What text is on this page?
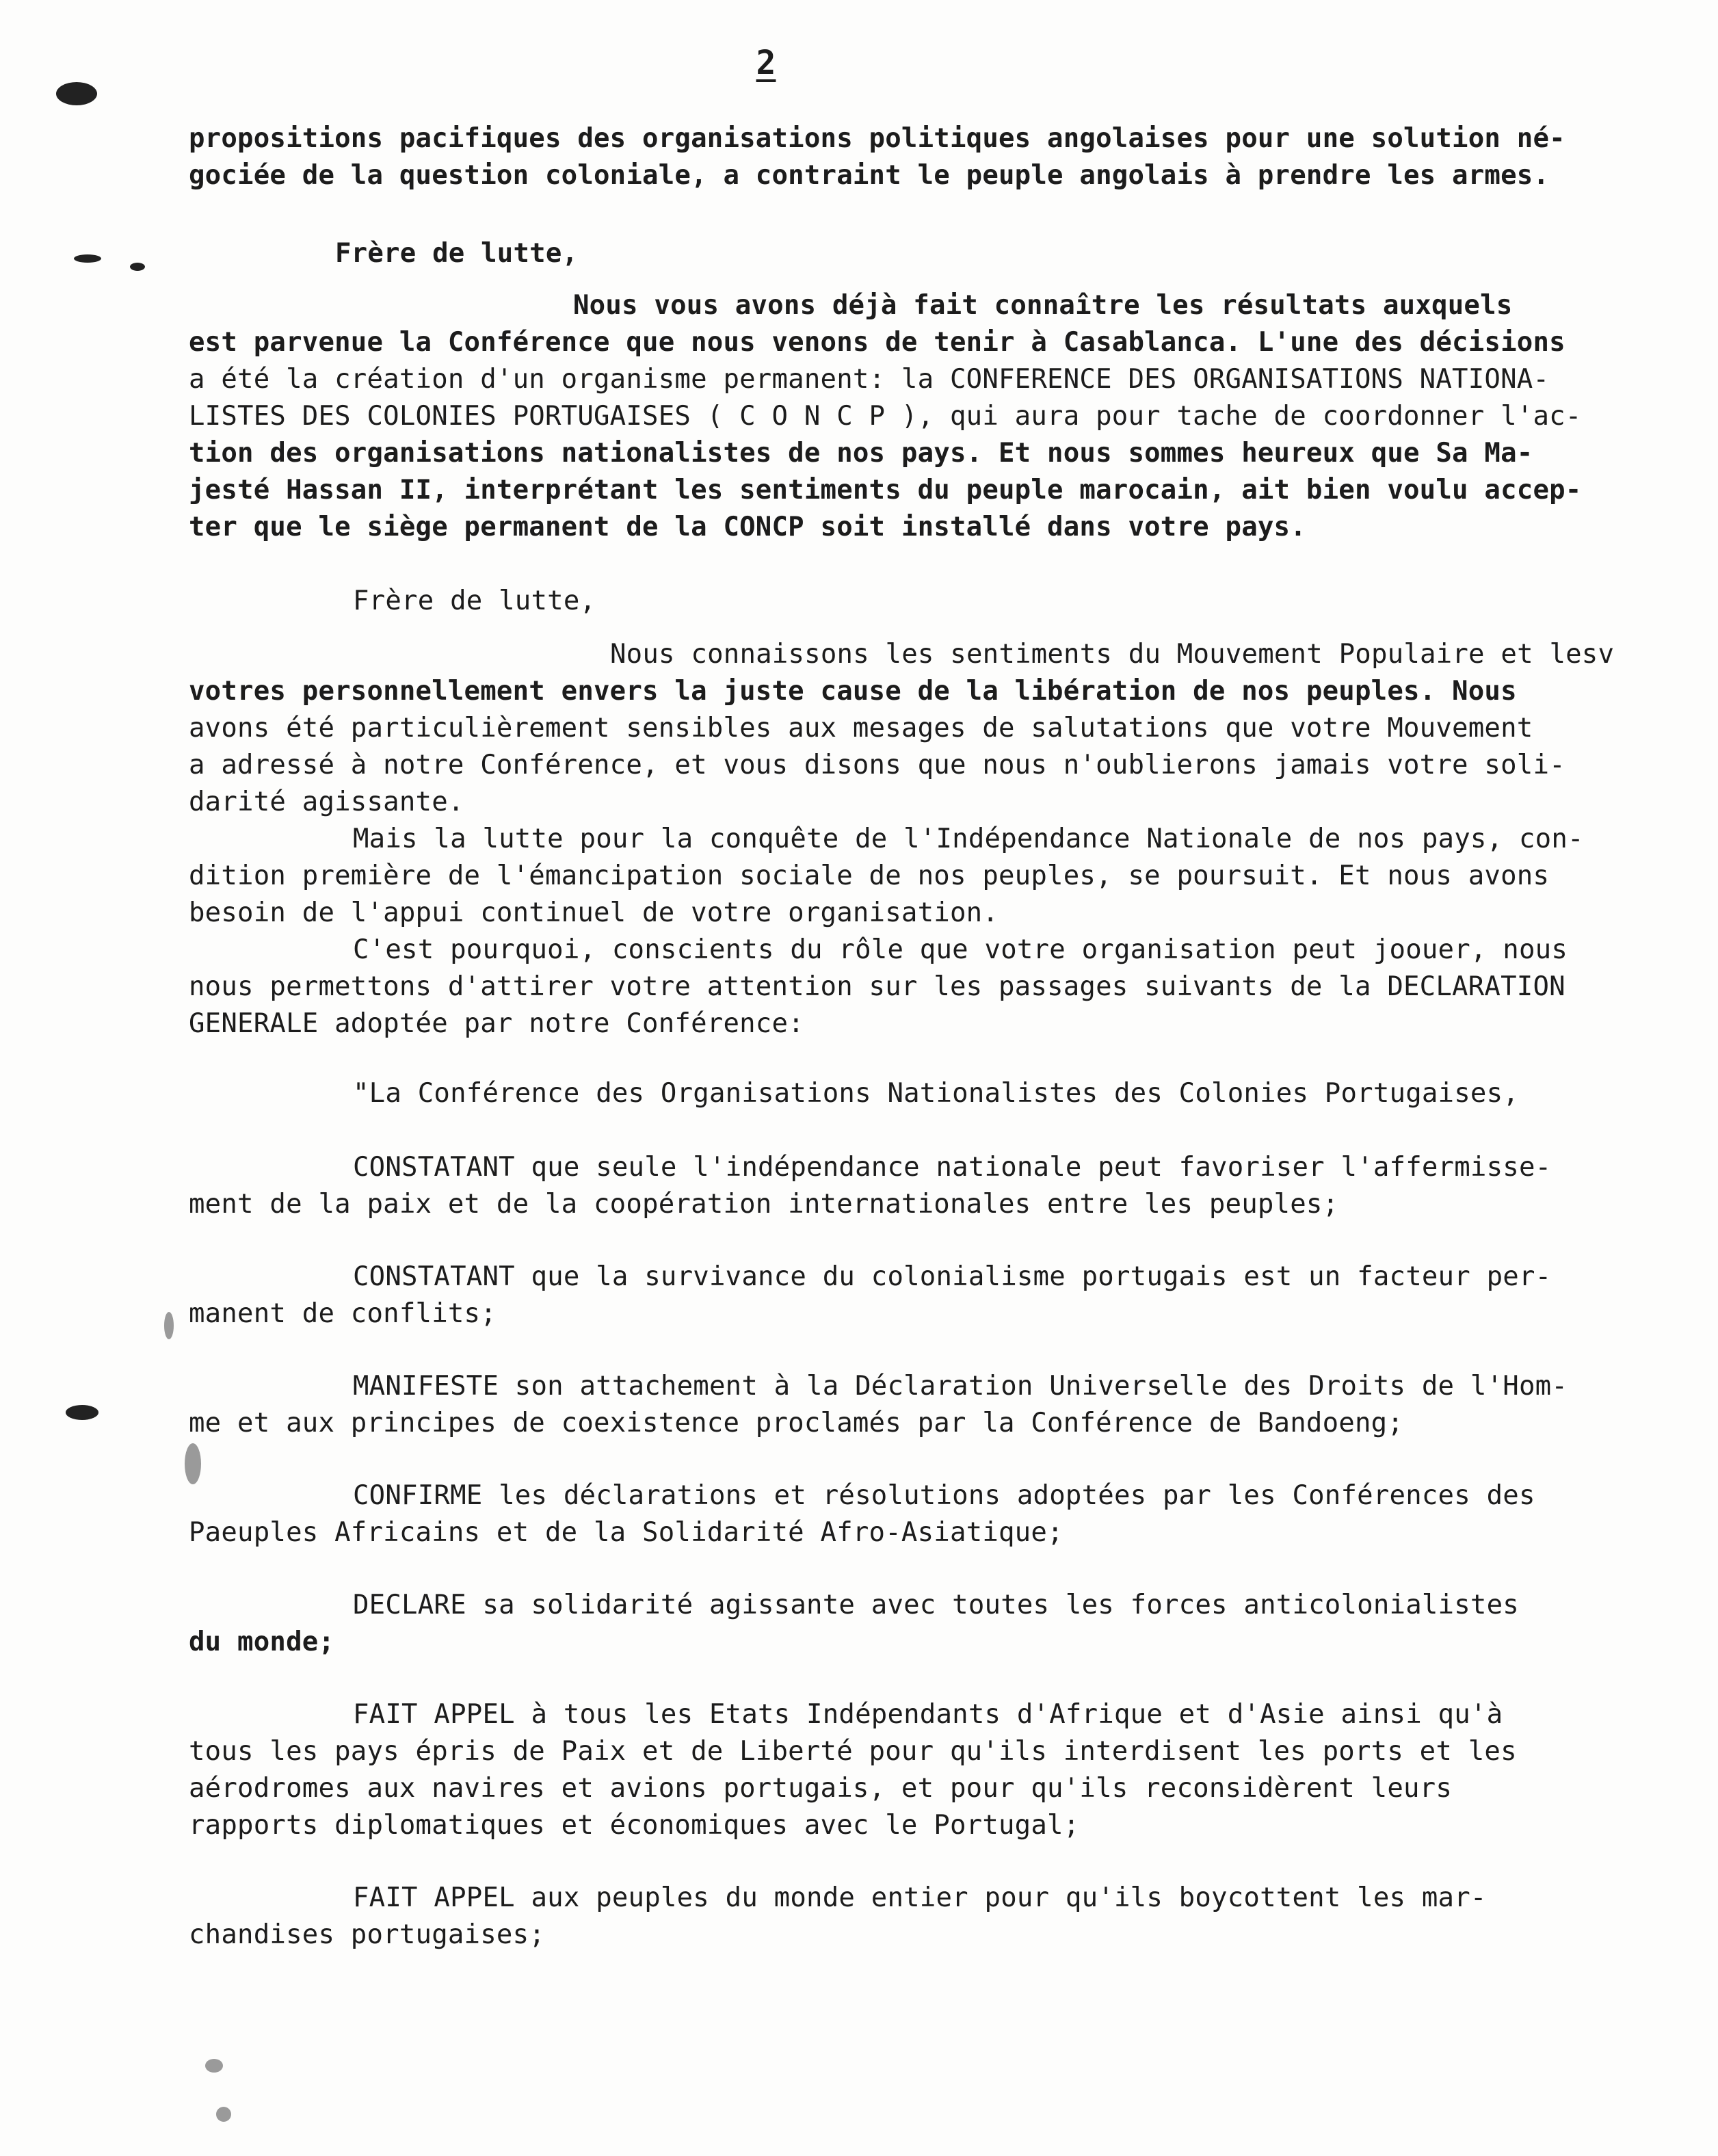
2
propositions pacifiques des organisations politiques angolaises pour une solution né-
gociée de la question coloniale, a contraint le peuple angolais à prendre les armes.
Frère de lutte,
Nous vous avons déjà fait connaître les résultats auxquels
est parvenue la Conférence que nous venons de tenir à Casablanca. L'une des décisions
a été la création d'un organisme permanent: la CONFERENCE DES ORGANISATIONS NATIONA-
LISTES DES COLONIES PORTUGAISES ( C O N C P ), qui aura pour tache de coordonner l'ac-
tion des organisations nationalistes de nos pays. Et nous sommes heureux que Sa Ma-
jesté Hassan II, interprétant les sentiments du peuple marocain, ait bien voulu accep-
ter que le siège permanent de la CONCP soit installé dans votre pays.
Frère de lutte,
Nous connaissons les sentiments du Mouvement Populaire et lesv
votres personnellement envers la juste cause de la libération de nos peuples. Nous
avons été particulièrement sensibles aux mesages de salutations que votre Mouvement
a adressé à notre Conférence, et vous disons que nous n'oublierons jamais votre soli-
darité agissante.
Mais la lutte pour la conquête de l'Indépendance Nationale de nos pays, con-
dition première de l'émancipation sociale de nos peuples, se poursuit. Et nous avons
besoin de l'appui continuel de votre organisation.
C'est pourquoi, conscients du rôle que votre organisation peut joouer, nous
nous permettons d'attirer votre attention sur les passages suivants de la DECLARATION
GENERALE adoptée par notre Conférence:
"La Conférence des Organisations Nationalistes des Colonies Portugaises,
CONSTATANT que seule l'indépendance nationale peut favoriser l'affermisse-
ment de la paix et de la coopération internationales entre les peuples;
CONSTATANT que la survivance du colonialisme portugais est un facteur per-
manent de conflits;
MANIFESTE son attachement à la Déclaration Universelle des Droits de l'Hom-
me et aux principes de coexistence proclamés par la Conférence de Bandoeng;
CONFIRME les déclarations et résolutions adoptées par les Conférences des
Paeuples Africains et de la Solidarité Afro-Asiatique;
DECLARE sa solidarité agissante avec toutes les forces anticolonialistes
du monde;
FAIT APPEL à tous les Etats Indépendants d'Afrique et d'Asie ainsi qu'à
tous les pays épris de Paix et de Liberté pour qu'ils interdisent les ports et les
aérodromes aux navires et avions portugais, et pour qu'ils reconsidèrent leurs
rapports diplomatiques et économiques avec le Portugal;
FAIT APPEL aux peuples du monde entier pour qu'ils boycottent les mar-
chandises portugaises;
